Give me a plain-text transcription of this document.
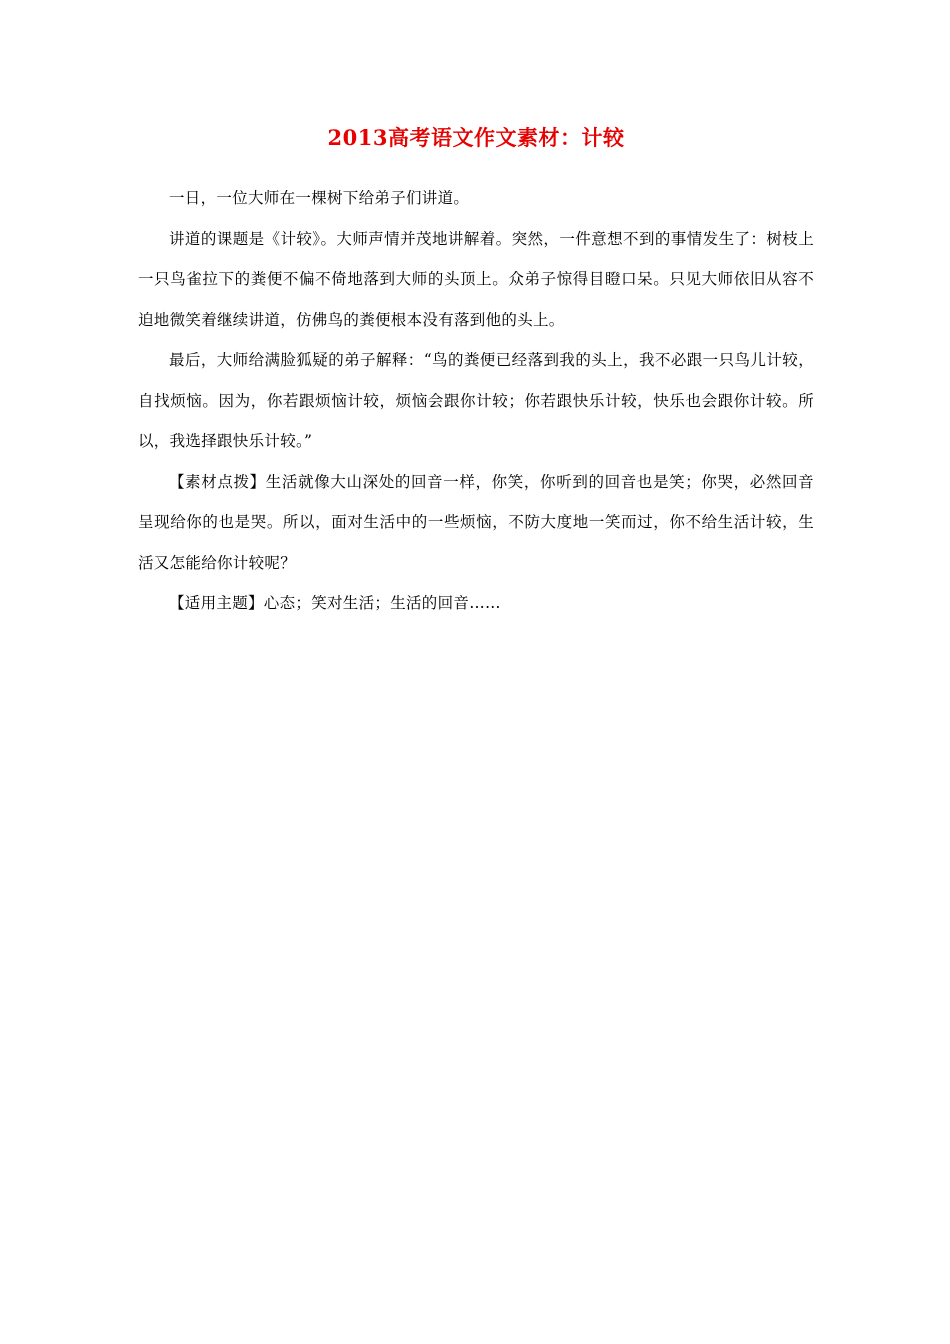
2013高考语文作文素材：计较

一日，一位大师在一棵树下给弟子们讲道。

讲道的课题是《计较》。大师声情并茂地讲解着。突然，一件意想不到的事情发生了：树枝上一只鸟雀拉下的粪便不偏不倚地落到大师的头顶上。众弟子惊得目瞪口呆。只见大师依旧从容不迫地微笑着继续讲道，仿佛鸟的粪便根本没有落到他的头上。

最后，大师给满脸狐疑的弟子解释：“鸟的粪便已经落到我的头上，我不必跟一只鸟儿计较，自找烦恼。因为，你若跟烦恼计较，烦恼会跟你计较；你若跟快乐计较，快乐也会跟你计较。所以，我选择跟快乐计较。”

【素材点拨】生活就像大山深处的回音一样，你笑，你听到的回音也是笑；你哭，必然回音呈现给你的也是哭。所以，面对生活中的一些烦恼，不防大度地一笑而过，你不给生活计较，生活又怎能给你计较呢？

【适用主题】心态；笑对生活；生活的回音……
